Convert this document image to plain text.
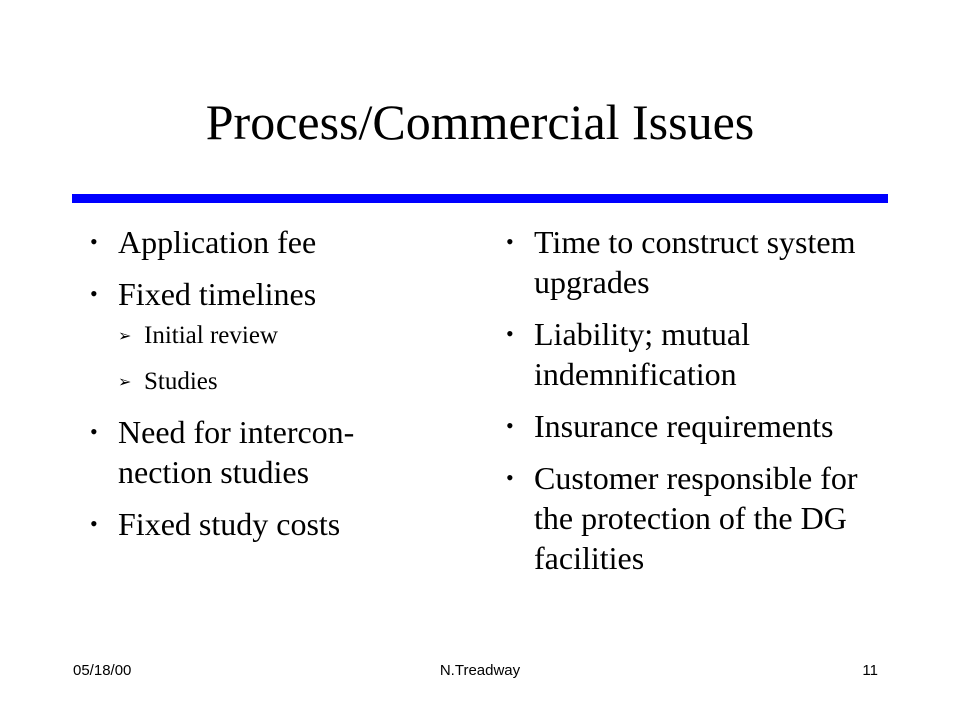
Process/Commercial Issues
• Application fee
• Fixed timelines
➢ Initial review
➢ Studies
• Need for intercon-nection studies
• Fixed study costs
• Time to construct system upgrades
• Liability; mutual indemnification
• Insurance requirements
• Customer responsible for the protection of the DG facilities
05/18/00	N.Treadway	11
